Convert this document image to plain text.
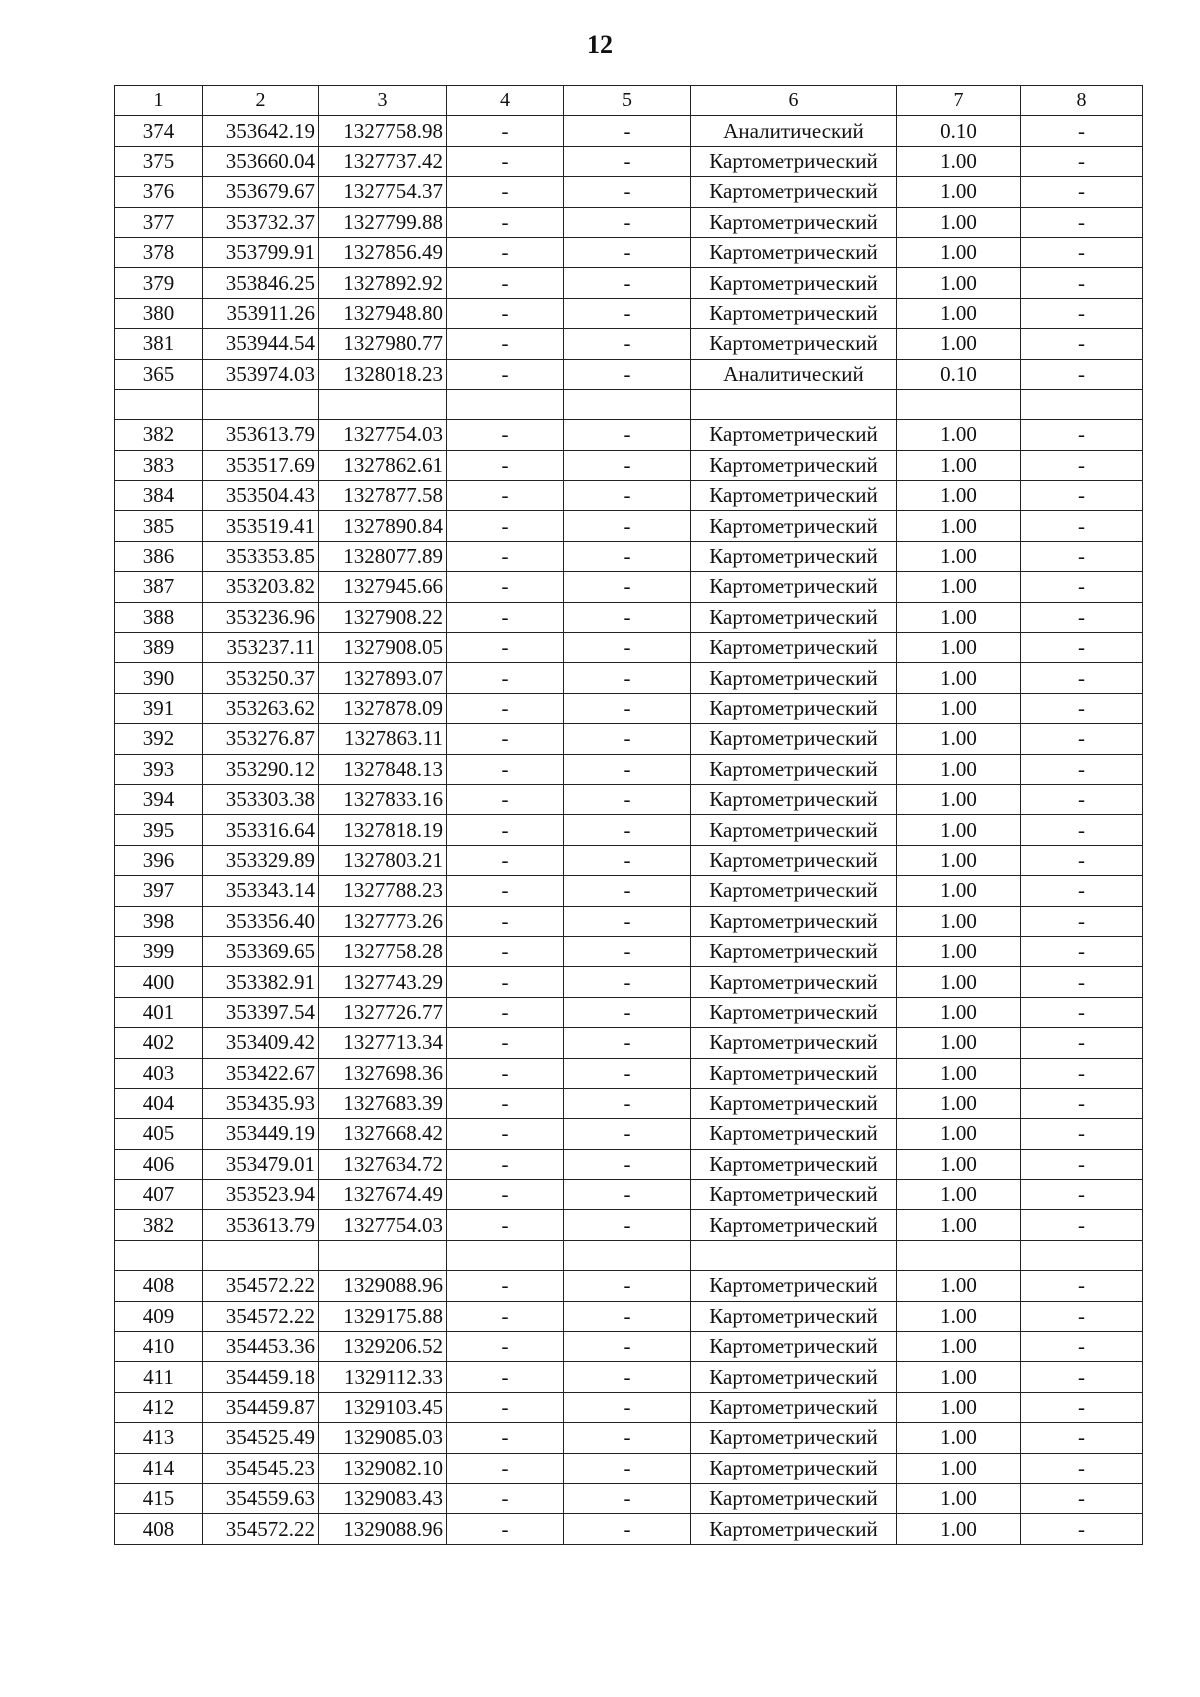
12
1	2	3	4	5	6	7	8
374	353642.19	1327758.98	-	-	Аналитический	0.10	-
375	353660.04	1327737.42	-	-	Картометрический	1.00	-
376	353679.67	1327754.37	-	-	Картометрический	1.00	-
377	353732.37	1327799.88	-	-	Картометрический	1.00	-
378	353799.91	1327856.49	-	-	Картометрический	1.00	-
379	353846.25	1327892.92	-	-	Картометрический	1.00	-
380	353911.26	1327948.80	-	-	Картометрический	1.00	-
381	353944.54	1327980.77	-	-	Картометрический	1.00	-
365	353974.03	1328018.23	-	-	Аналитический	0.10	-

382	353613.79	1327754.03	-	-	Картометрический	1.00	-
383	353517.69	1327862.61	-	-	Картометрический	1.00	-
384	353504.43	1327877.58	-	-	Картометрический	1.00	-
385	353519.41	1327890.84	-	-	Картометрический	1.00	-
386	353353.85	1328077.89	-	-	Картометрический	1.00	-
387	353203.82	1327945.66	-	-	Картометрический	1.00	-
388	353236.96	1327908.22	-	-	Картометрический	1.00	-
389	353237.11	1327908.05	-	-	Картометрический	1.00	-
390	353250.37	1327893.07	-	-	Картометрический	1.00	-
391	353263.62	1327878.09	-	-	Картометрический	1.00	-
392	353276.87	1327863.11	-	-	Картометрический	1.00	-
393	353290.12	1327848.13	-	-	Картометрический	1.00	-
394	353303.38	1327833.16	-	-	Картометрический	1.00	-
395	353316.64	1327818.19	-	-	Картометрический	1.00	-
396	353329.89	1327803.21	-	-	Картометрический	1.00	-
397	353343.14	1327788.23	-	-	Картометрический	1.00	-
398	353356.40	1327773.26	-	-	Картометрический	1.00	-
399	353369.65	1327758.28	-	-	Картометрический	1.00	-
400	353382.91	1327743.29	-	-	Картометрический	1.00	-
401	353397.54	1327726.77	-	-	Картометрический	1.00	-
402	353409.42	1327713.34	-	-	Картометрический	1.00	-
403	353422.67	1327698.36	-	-	Картометрический	1.00	-
404	353435.93	1327683.39	-	-	Картометрический	1.00	-
405	353449.19	1327668.42	-	-	Картометрический	1.00	-
406	353479.01	1327634.72	-	-	Картометрический	1.00	-
407	353523.94	1327674.49	-	-	Картометрический	1.00	-
382	353613.79	1327754.03	-	-	Картометрический	1.00	-

408	354572.22	1329088.96	-	-	Картометрический	1.00	-
409	354572.22	1329175.88	-	-	Картометрический	1.00	-
410	354453.36	1329206.52	-	-	Картометрический	1.00	-
411	354459.18	1329112.33	-	-	Картометрический	1.00	-
412	354459.87	1329103.45	-	-	Картометрический	1.00	-
413	354525.49	1329085.03	-	-	Картометрический	1.00	-
414	354545.23	1329082.10	-	-	Картометрический	1.00	-
415	354559.63	1329083.43	-	-	Картометрический	1.00	-
408	354572.22	1329088.96	-	-	Картометрический	1.00	-
